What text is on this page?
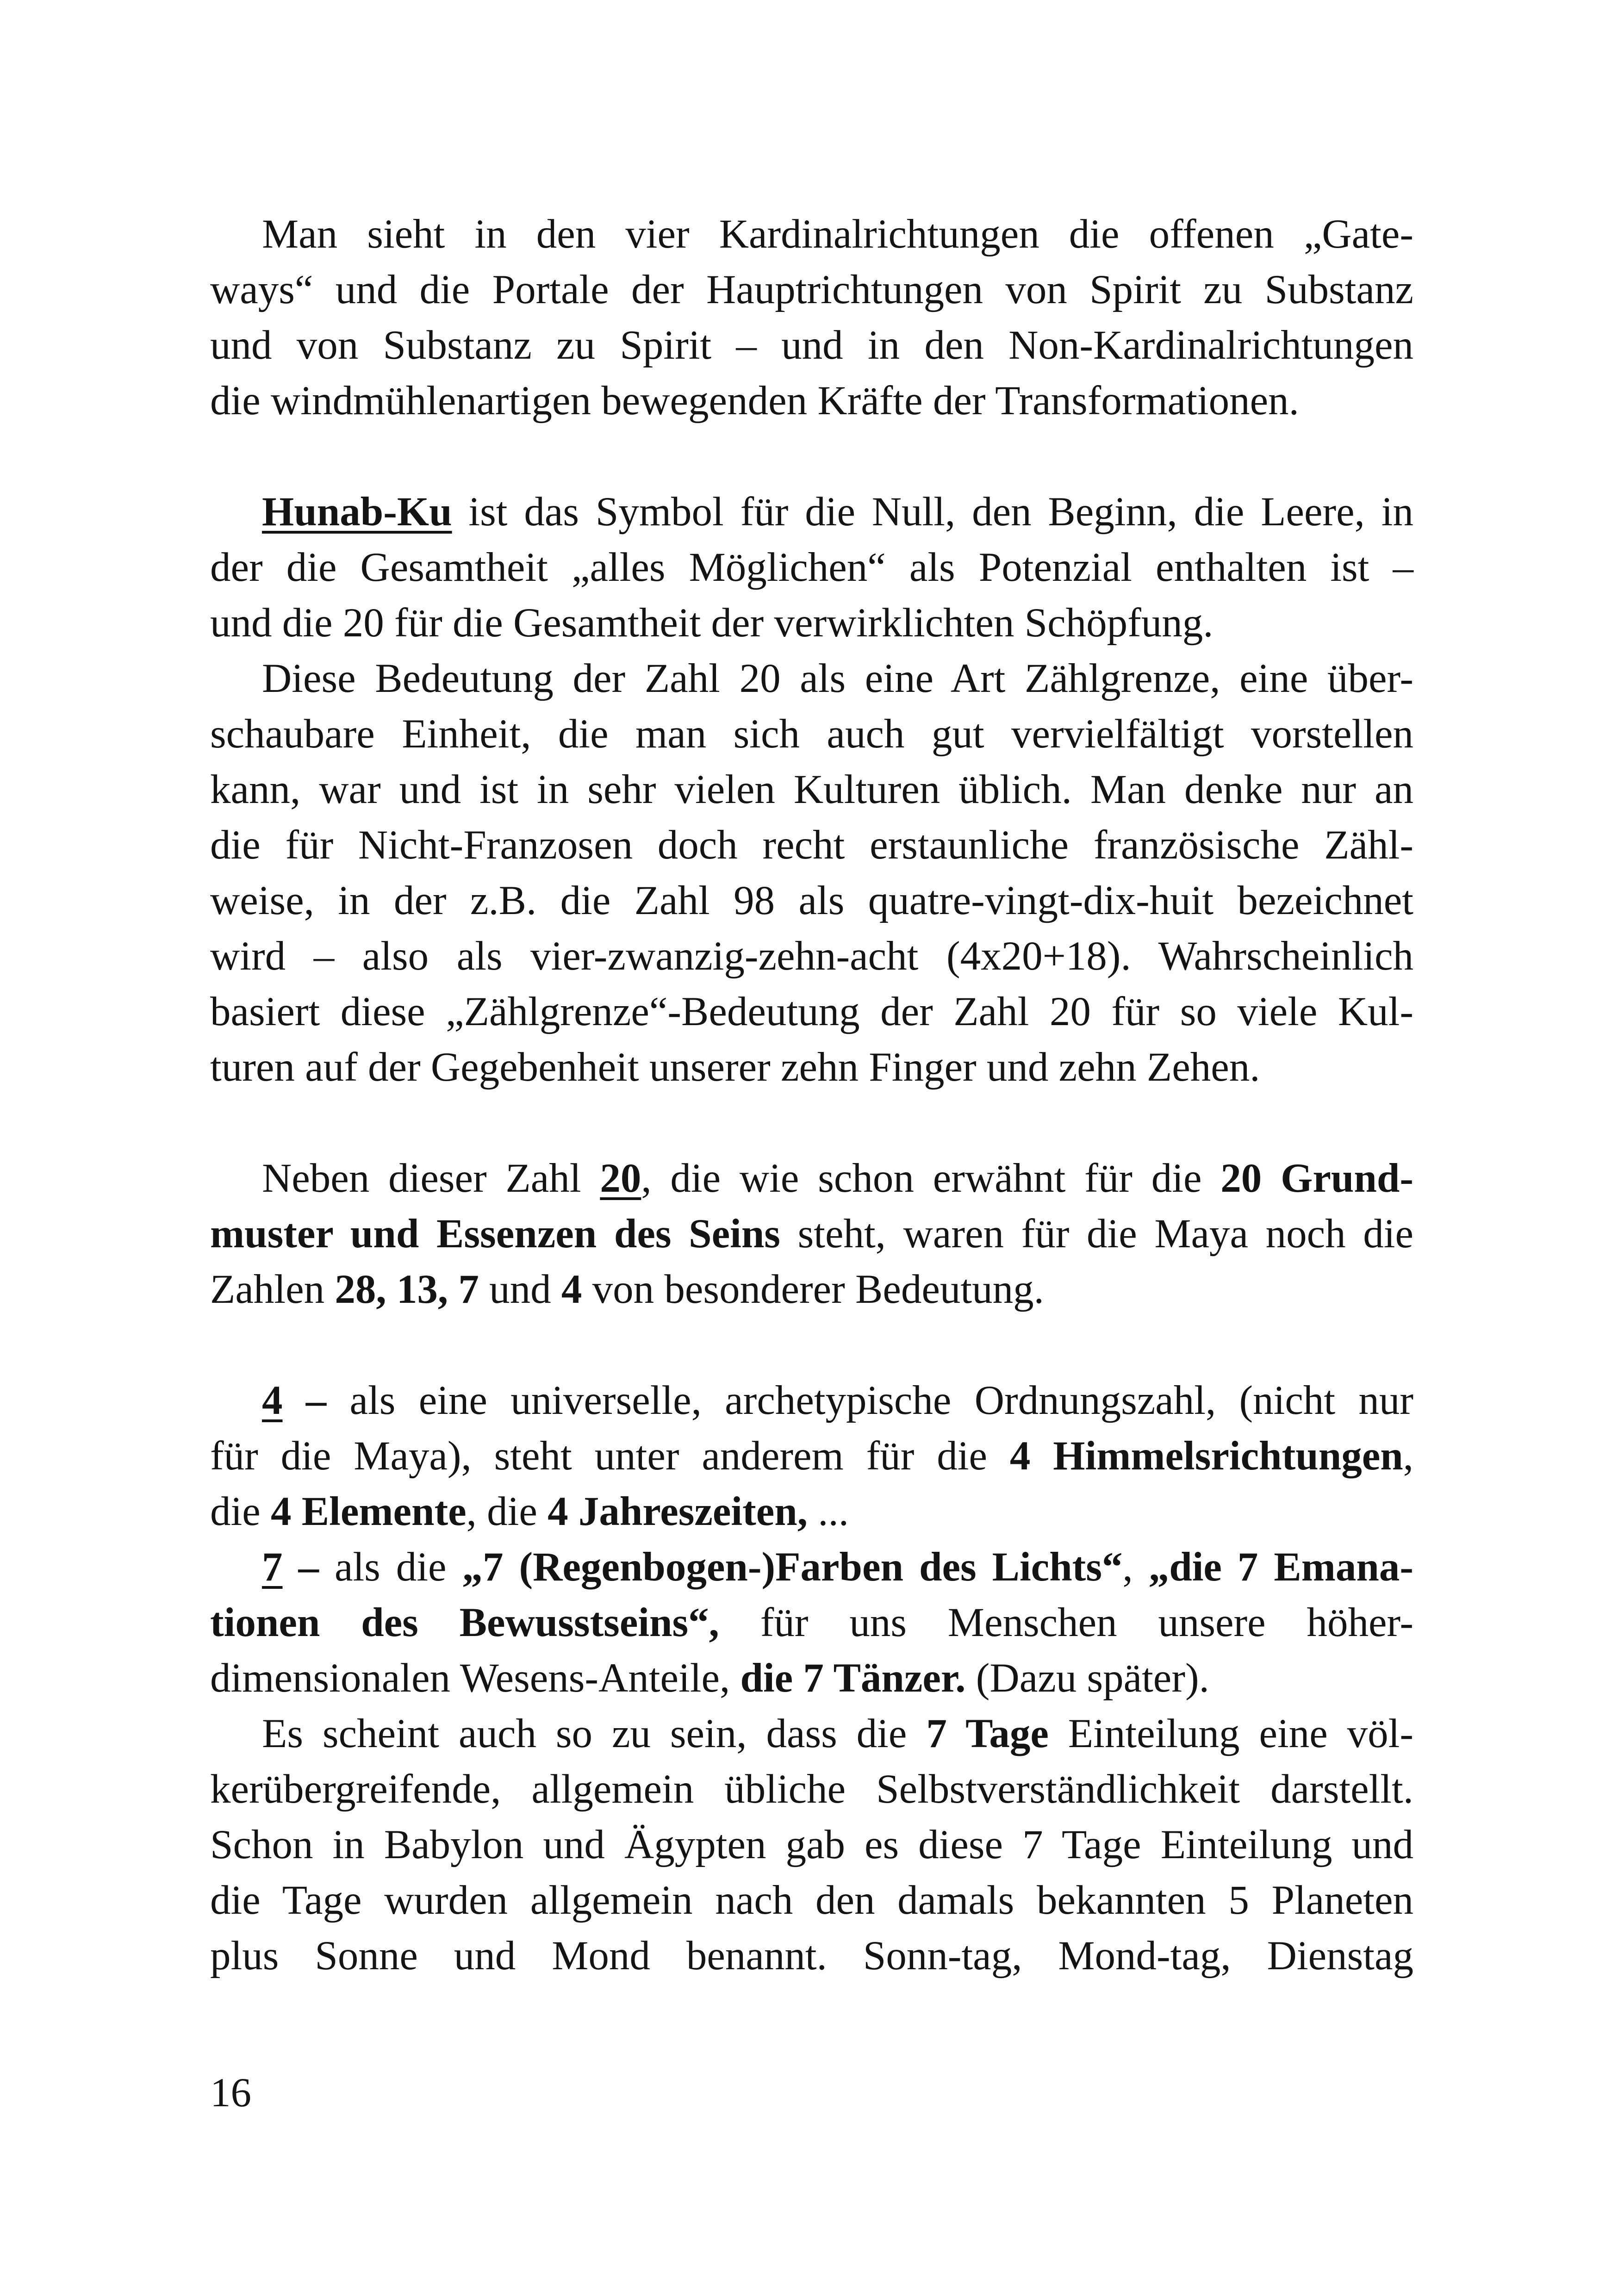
Man sieht in den vier Kardinalrichtungen die offenen „Gate-
ways“ und die Portale der Hauptrichtungen von Spirit zu Substanz
und von Substanz zu Spirit – und in den Non-Kardinalrichtungen
die windmühlenartigen bewegenden Kräfte der Transformationen.
Hunab-Ku ist das Symbol für die Null, den Beginn, die Leere, in
der die Gesamtheit „alles Möglichen“ als Potenzial enthalten ist –
und die 20 für die Gesamtheit der verwirklichten Schöpfung.
Diese Bedeutung der Zahl 20 als eine Art Zählgrenze, eine über-
schaubare Einheit, die man sich auch gut vervielfältigt vorstellen
kann, war und ist in sehr vielen Kulturen üblich. Man denke nur an
die für Nicht-Franzosen doch recht erstaunliche französische Zähl-
weise, in der z.B. die Zahl 98 als quatre-vingt-dix-huit bezeichnet
wird – also als vier-zwanzig-zehn-acht (4x20+18). Wahrscheinlich
basiert diese „Zählgrenze“-Bedeutung der Zahl 20 für so viele Kul-
turen auf der Gegebenheit unserer zehn Finger und zehn Zehen.
Neben dieser Zahl 20, die wie schon erwähnt für die 20 Grund-
muster und Essenzen des Seins steht, waren für die Maya noch die
Zahlen 28, 13, 7 und 4 von besonderer Bedeutung.
4 – als eine universelle, archetypische Ordnungszahl, (nicht nur
für die Maya), steht unter anderem für die 4 Himmelsrichtungen,
die 4 Elemente, die 4 Jahreszeiten, ...
7 – als die „7 (Regenbogen-)Farben des Lichts“, „die 7 Emana-
tionen des Bewusstseins“, für uns Menschen unsere höher-
dimensionalen Wesens-Anteile, die 7 Tänzer. (Dazu später).
Es scheint auch so zu sein, dass die 7 Tage Einteilung eine völ-
kerübergreifende, allgemein übliche Selbstverständlichkeit darstellt.
Schon in Babylon und Ägypten gab es diese 7 Tage Einteilung und
die Tage wurden allgemein nach den damals bekannten 5 Planeten
plus Sonne und Mond benannt. Sonn-tag, Mond-tag, Dienstag
16
